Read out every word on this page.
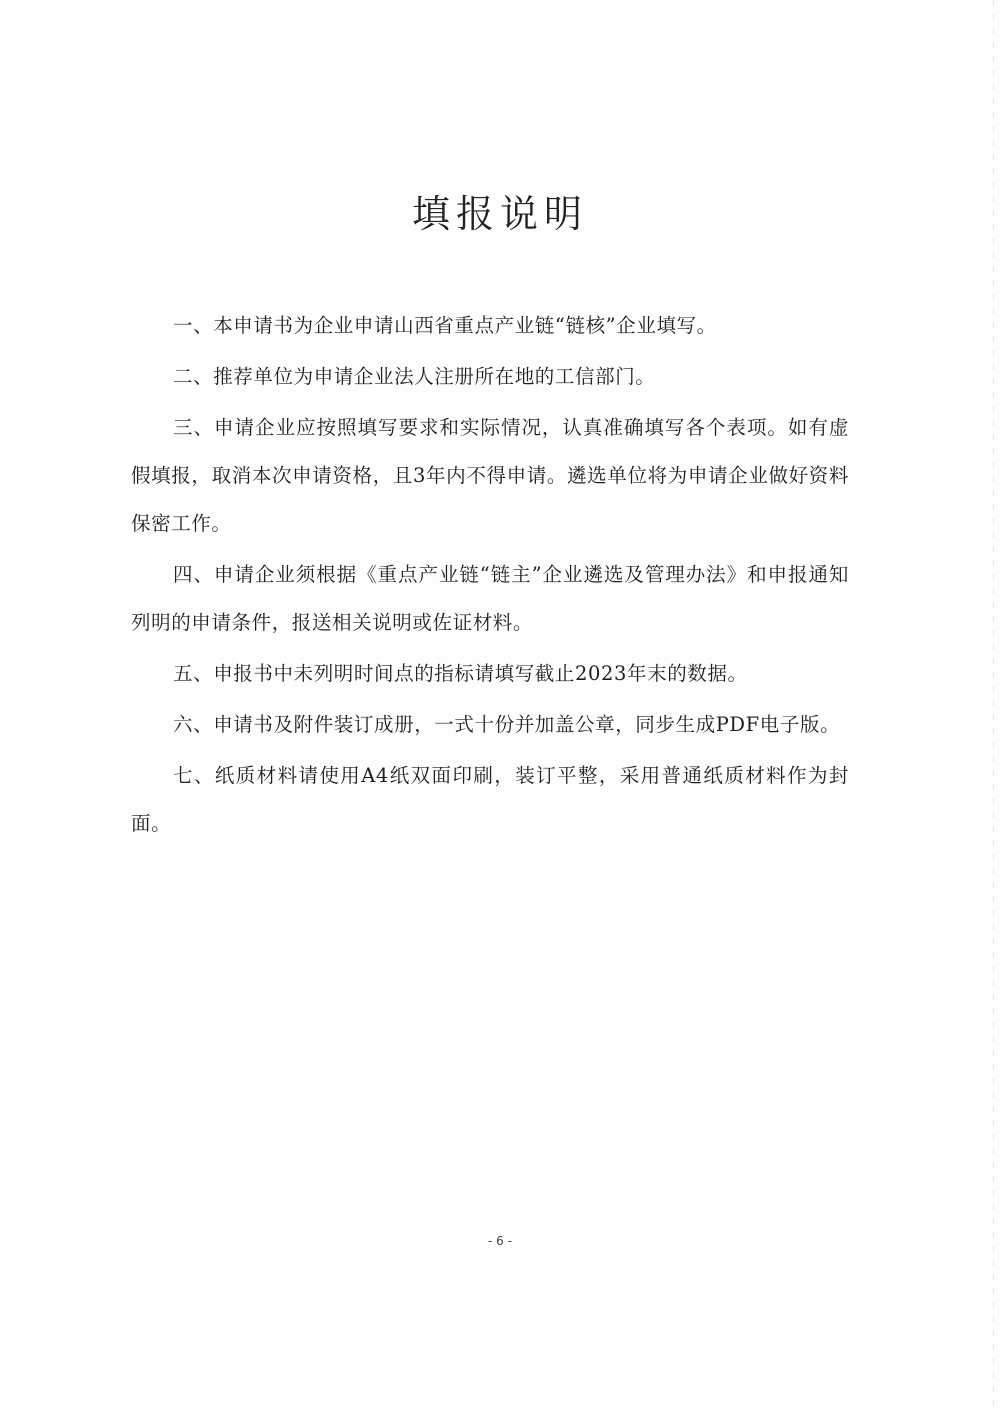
填报说明

一、本申请书为企业申请山西省重点产业链“链核”企业填写。

二、推荐单位为申请企业法人注册所在地的工信部门。

三、申请企业应按照填写要求和实际情况，认真准确填写各个表项。如有虚假填报，取消本次申请资格，且3年内不得申请。遴选单位将为申请企业做好资料保密工作。

四、申请企业须根据《重点产业链“链主”企业遴选及管理办法》和申报通知列明的申请条件，报送相关说明或佐证材料。

五、申报书中未列明时间点的指标请填写截止2023年末的数据。

六、申请书及附件装订成册，一式十份并加盖公章，同步生成PDF电子版。

七、纸质材料请使用A4纸双面印刷，装订平整，采用普通纸质材料作为封面。

- 6 -
